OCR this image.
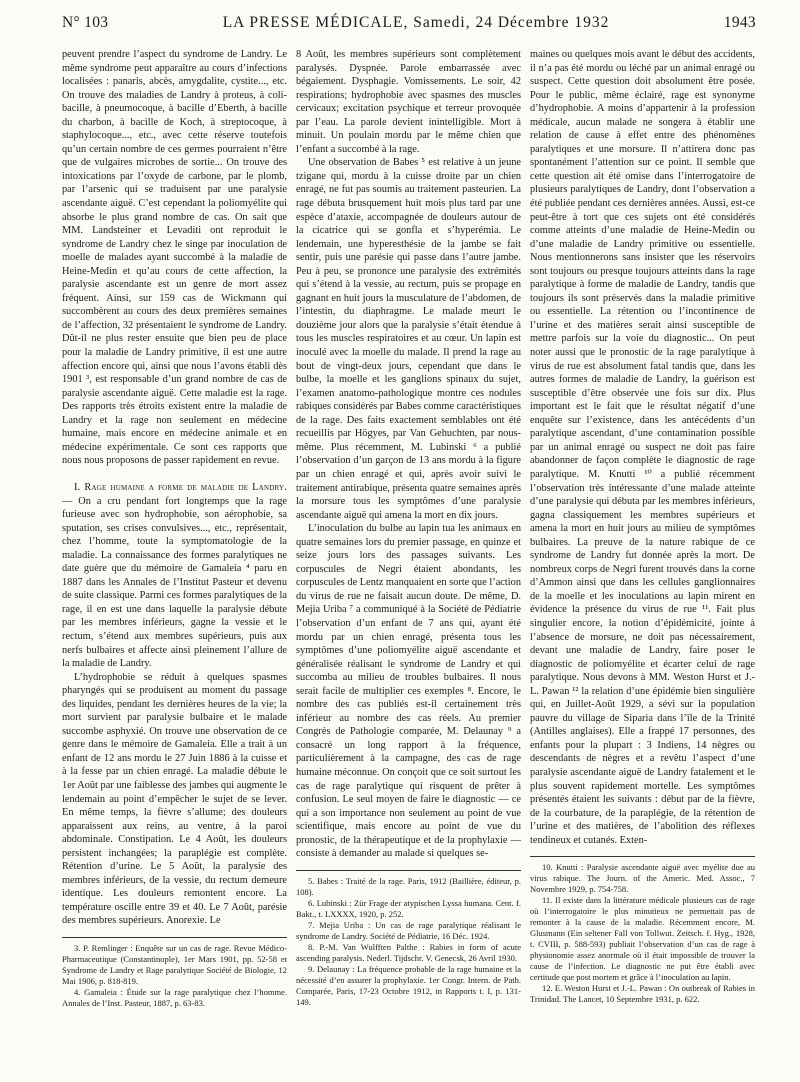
N° 103	LA PRESSE MÉDICALE, Samedi, 24 Décembre 1932	1943

peuvent prendre l’aspect du syndrome de Landry. Le même syndrome peut apparaître au cours d’infections localisées : panaris, abcès, amygdalite, cystite..., etc. On trouve des maladies de Landry à proteus, à coli-bacille, à pneumocoque, à bacille d’Eberth, à bacille du charbon, à bacille de Koch, à streptocoque, à staphylocoque..., etc., avec cette réserve toutefois qu’un certain nombre de ces germes pourraient n’être que de vulgaires microbes de sortie... On trouve des intoxications par l’oxyde de carbone, par le plomb, par l’arsenic qui se traduisent par une paralysie ascendante aiguë. C’est cependant la poliomyélite qui absorbe le plus grand nombre de cas. On sait que MM. Landsteiner et Levaditi ont reproduit le syndrome de Landry chez le singe par inoculation de moelle de malades ayant succombé à la maladie de Heine-Medin et qu’au cours de cette affection, la paralysie ascendante est un genre de mort assez fréquent. Ainsi, sur 159 cas de Wickmann qui succombèrent au cours des deux premières semaines de l’affection, 32 présentaient le syndrome de Landry. Dût-il ne plus rester ensuite que bien peu de place pour la maladie de Landry primitive, il est une autre affection encore qui, ainsi que nous l’avons établi dès 1901 ³, est responsable d’un grand nombre de cas de paralysie ascendante aiguë. Cette maladie est la rage. Des rapports très étroits existent entre la maladie de Landry et la rage non seulement en médecine humaine, mais encore en médecine animale et en médecine expérimentale. Ce sont ces rapports que nous nous proposons de passer rapidement en revue.

I. Rage humaine a forme de maladie de Landry. — On a cru pendant fort longtemps que la rage furieuse avec son hydrophobie, son aérophobie, sa sputation, ses crises convulsives..., etc., représentait, chez l’homme, toute la symptomatologie de la maladie. La connaissance des formes paralytiques ne date guère que du mémoire de Gamaleia ⁴ paru en 1887 dans les Annales de l’Institut Pasteur et devenu de suite classique. Parmi ces formes paralytiques de la rage, il en est une dans laquelle la paralysie débute par les membres inférieurs, gagne la vessie et le rectum, s’étend aux membres supérieurs, puis aux nerfs bulbaires et affecte ainsi pleinement l’allure de la maladie de Landry.

L’hydrophobie se réduit à quelques spasmes pharyngés qui se produisent au moment du passage des liquides, pendant les dernières heures de la vie; la mort survient par paralysie bulbaire et le malade succombe asphyxié. On trouve une observation de ce genre dans le mémoire de Gamaleia. Elle a trait à un enfant de 12 ans mordu le 27 Juin 1886 à la cuisse et à la fesse par un chien enragé. La maladie débute le 1er Août par une faiblesse des jambes qui augmente le lendemain au point d’empêcher le sujet de se lever. En même temps, la fièvre s’allume; des douleurs apparaissent aux reins, au ventre, à la paroi abdominale. Constipation. Le 4 Août, les douleurs persistent inchangées; la paraplégie est complète. Rétention d’urine. Le 5 Août, la paralysie des membres inférieurs, de la vessie, du rectum demeure identique. Les douleurs remontent encore. La température oscille entre 39 et 40. Le 7 Août, parésie des membres supérieurs. Anorexie. Le

3. P. Remlinger : Enquête sur un cas de rage. Revue Médico-Pharmaceutique (Constantinople), 1er Mars 1901, pp. 52-58 et Syndrome de Landry et Rage paralytique Société de Biologie, 12 Mai 1906, p. 818-819.

4. Gamaleia : Étude sur la rage paralytique chez l’homme. Annales de l’Inst. Pasteur, 1887, p. 63-83.

8 Août, les membres supérieurs sont complètement paralysés. Dyspnée. Parole embarrassée avec bégaiement. Dysphagie. Vomissements. Le soir, 42 respirations; hydrophobie avec spasmes des muscles cervicaux; excitation psychique et terreur provoquée par l’eau. La parole devient inintelligible. Mort à minuit. Un poulain mordu par le même chien que l’enfant a succombé à la rage.

Une observation de Babes ⁵ est relative à un jeune tzigane qui, mordu à la cuisse droite par un chien enragé, ne fut pas soumis au traitement pasteurien. La rage débuta brusquement huit mois plus tard par une espèce d’ataxie, accompagnée de douleurs autour de la cicatrice qui se gonfla et s’hyperémia. Le lendemain, une hyperesthésie de la jambe se fait sentir, puis une parésie qui passe dans l’autre jambe. Peu à peu, se prononce une paralysie des extrémités qui s’étend à la vessie, au rectum, puis se propage en gagnant en huit jours la musculature de l’abdomen, de l’intestin, du diaphragme. Le malade meurt le douzième jour alors que la paralysie s’était étendue à tous les muscles respiratoires et au cœur. Un lapin est inoculé avec la moelle du malade. Il prend la rage au bout de vingt-deux jours, cependant que dans le bulbe, la moelle et les ganglions spinaux du sujet, l’examen anatomo-pathologique montre ces nodules rabiques considérés par Babes comme caractéristiques de la rage. Des faits exactement semblables ont été recueillis par Högyes, par Van Gehuchten, par nous-même. Plus récemment, M. Lubinski ⁶ a publié l’observation d’un garçon de 13 ans mordu à la figure par un chien enragé et qui, après avoir suivi le traitement antirabique, présenta quatre semaines après la morsure tous les symptômes d’une paralysie ascendante aiguë qui amena la mort en dix jours.

L’inoculation du bulbe au lapin tua les animaux en quatre semaines lors du premier passage, en quinze et seize jours lors des passages suivants. Les corpuscules de Negri étaient abondants, les corpuscules de Lentz manquaient en sorte que l’action du virus de rue ne faisait aucun doute. De même, D. Mejia Uriba ⁷ a communiqué à la Société de Pédiatrie l’observation d’un enfant de 7 ans qui, ayant été mordu par un chien enragé, présenta tous les symptômes d’une poliomyélite aiguë ascendante et généralisée réalisant le syndrome de Landry et qui succomba au milieu de troubles bulbaires. Il nous serait facile de multiplier ces exemples ⁸. Encore, le nombre des cas publiés est-il certainement très inférieur au nombre des cas réels. Au premier Congrès de Pathologie comparée, M. Delaunay ⁹ a consacré un long rapport à la fréquence, particulièrement à la campagne, des cas de rage humaine méconnue. On conçoit que ce soit surtout les cas de rage paralytique qui risquent de prêter à confusion. Le seul moyen de faire le diagnostic — ce qui a son importance non seulement au point de vue scientifique, mais encore au point de vue du pronostic, de la thérapeutique et de la prophylaxie — consiste à demander au malade si quelques se-

5. Babes : Traité de la rage. Paris, 1912 (Baillière, éditeur, p. 108).

6. Lubinski : Zür Frage der atypischen Lyssa humana. Cent. f. Bakt., t. LXXXX, 1920, p. 252.

7. Mejia Uriba : Un cas de rage paralytique réalisant le syndrome de Landry. Société de Pédiatrie, 16 Déc. 1924.

8. P.-M. Van Wulfften Palthe : Rabies in form of acute ascending paralysis. Nederl. Tijdschr. V. Genecsk, 26 Avril 1930.

9. Delaunay : La fréquence probable de la rage humaine et la nécessité d’en assurer la prophylaxie. 1er Congr. Intern. de Path. Comparée, Paris, 17-23 Octobre 1912, in Rapports t. I, p. 131-149.

maines ou quelques mois avant le début des accidents, il n’a pas été mordu ou léché par un animal enragé ou suspect. Cette question doit absolument être posée. Pour le public, même éclairé, rage est synonyme d’hydrophobie. A moins d’appartenir à la profession médicale, aucun malade ne songera à établir une relation de cause à effet entre des phénomènes paralytiques et une morsure. Il n’attirera donc pas spontanément l’attention sur ce point. Il semble que cette question ait été omise dans l’interrogatoire de plusieurs paralytiques de Landry, dont l’observation a été publiée pendant ces dernières années. Aussi, est-ce peut-être à tort que ces sujets ont été considérés comme atteints d’une maladie de Heine-Medin ou d’une maladie de Landry primitive ou essentielle. Nous mentionnerons sans insister que les réservoirs sont toujours ou presque toujours atteints dans la rage paralytique à forme de maladie de Landry, tandis que toujours ils sont préservés dans la maladie primitive ou essentielle. La rétention ou l’incontinence de l’urine et des matières serait ainsi susceptible de mettre parfois sur la voie du diagnostic... On peut noter aussi que le pronostic de la rage paralytique à virus de rue est absolument fatal tandis que, dans les autres formes de maladie de Landry, la guérison est susceptible d’être observée une fois sur dix. Plus important est le fait que le résultat négatif d’une enquête sur l’existence, dans les antécédents d’un paralytique ascendant, d’une contamination possible par un animal enragé ou suspect ne doit pas faire abandonner de façon complète le diagnostic de rage paralytique. M. Knutti ¹⁰ a publié récemment l’observation très intéressante d’une malade atteinte d’une paralysie qui débuta par les membres inférieurs, gagna classiquement les membres supérieurs et amena la mort en huit jours au milieu de symptômes bulbaires. La preuve de la nature rabique de ce syndrome de Landry fut donnée après la mort. De nombreux corps de Negri furent trouvés dans la corne d’Ammon ainsi que dans les cellules ganglionnaires de la moelle et les inoculations au lapin mirent en évidence la présence du virus de rue ¹¹. Fait plus singulier encore, la notion d’épidémicité, jointe à l’absence de morsure, ne doit pas nécessairement, devant une maladie de Landry, faire poser le diagnostic de poliomyélite et écarter celui de rage paralytique. Nous devons à MM. Weston Hurst et J.-L. Pawan ¹² la relation d’une épidémie bien singulière qui, en Juillet-Août 1929, a sévi sur la population pauvre du village de Siparia dans l’île de la Trinité (Antilles anglaises). Elle a frappé 17 personnes, des enfants pour la plupart : 3 Indiens, 14 nègres ou descendants de nègres et a revêtu l’aspect d’une paralysie ascendante aiguë de Landry fatalement et le plus souvent rapidement mortelle. Les symptômes présentés étaient les suivants : début par de la fièvre, de la courbature, de la paraplégie, de la rétention de l’urine et des matières, de l’abolition des réflexes tendineux et cutanés. Exten-

10. Knutti : Paralysie ascendante aiguë avec myélite due au virus rabique. The Journ. of the Americ. Med. Assoc., 7 Novembre 1929, p. 754-758.

11. Il existe dans la littérature médicale plusieurs cas de rage où l’interrogatoire le plus minutieux ne permettait pas de remonter à la cause de la maladie. Récemment encore, M. Glusmann (Ein seltener Fall von Tollwut. Zeitsch. f. Hyg., 1928, t. CVIII, p. 588-593) publiait l’observation d’un cas de rage à physionomie assez anormale où il était impossible de trouver la cause de l’infection. Le diagnostic ne put être établi avec certitude que post mortem et grâce à l’inoculation au lapin.

12. E. Weston Hurst et J.-L. Pawan : On outbreak of Rabies in Trinidad. The Lancet, 10 Septembre 1931, p. 622.
